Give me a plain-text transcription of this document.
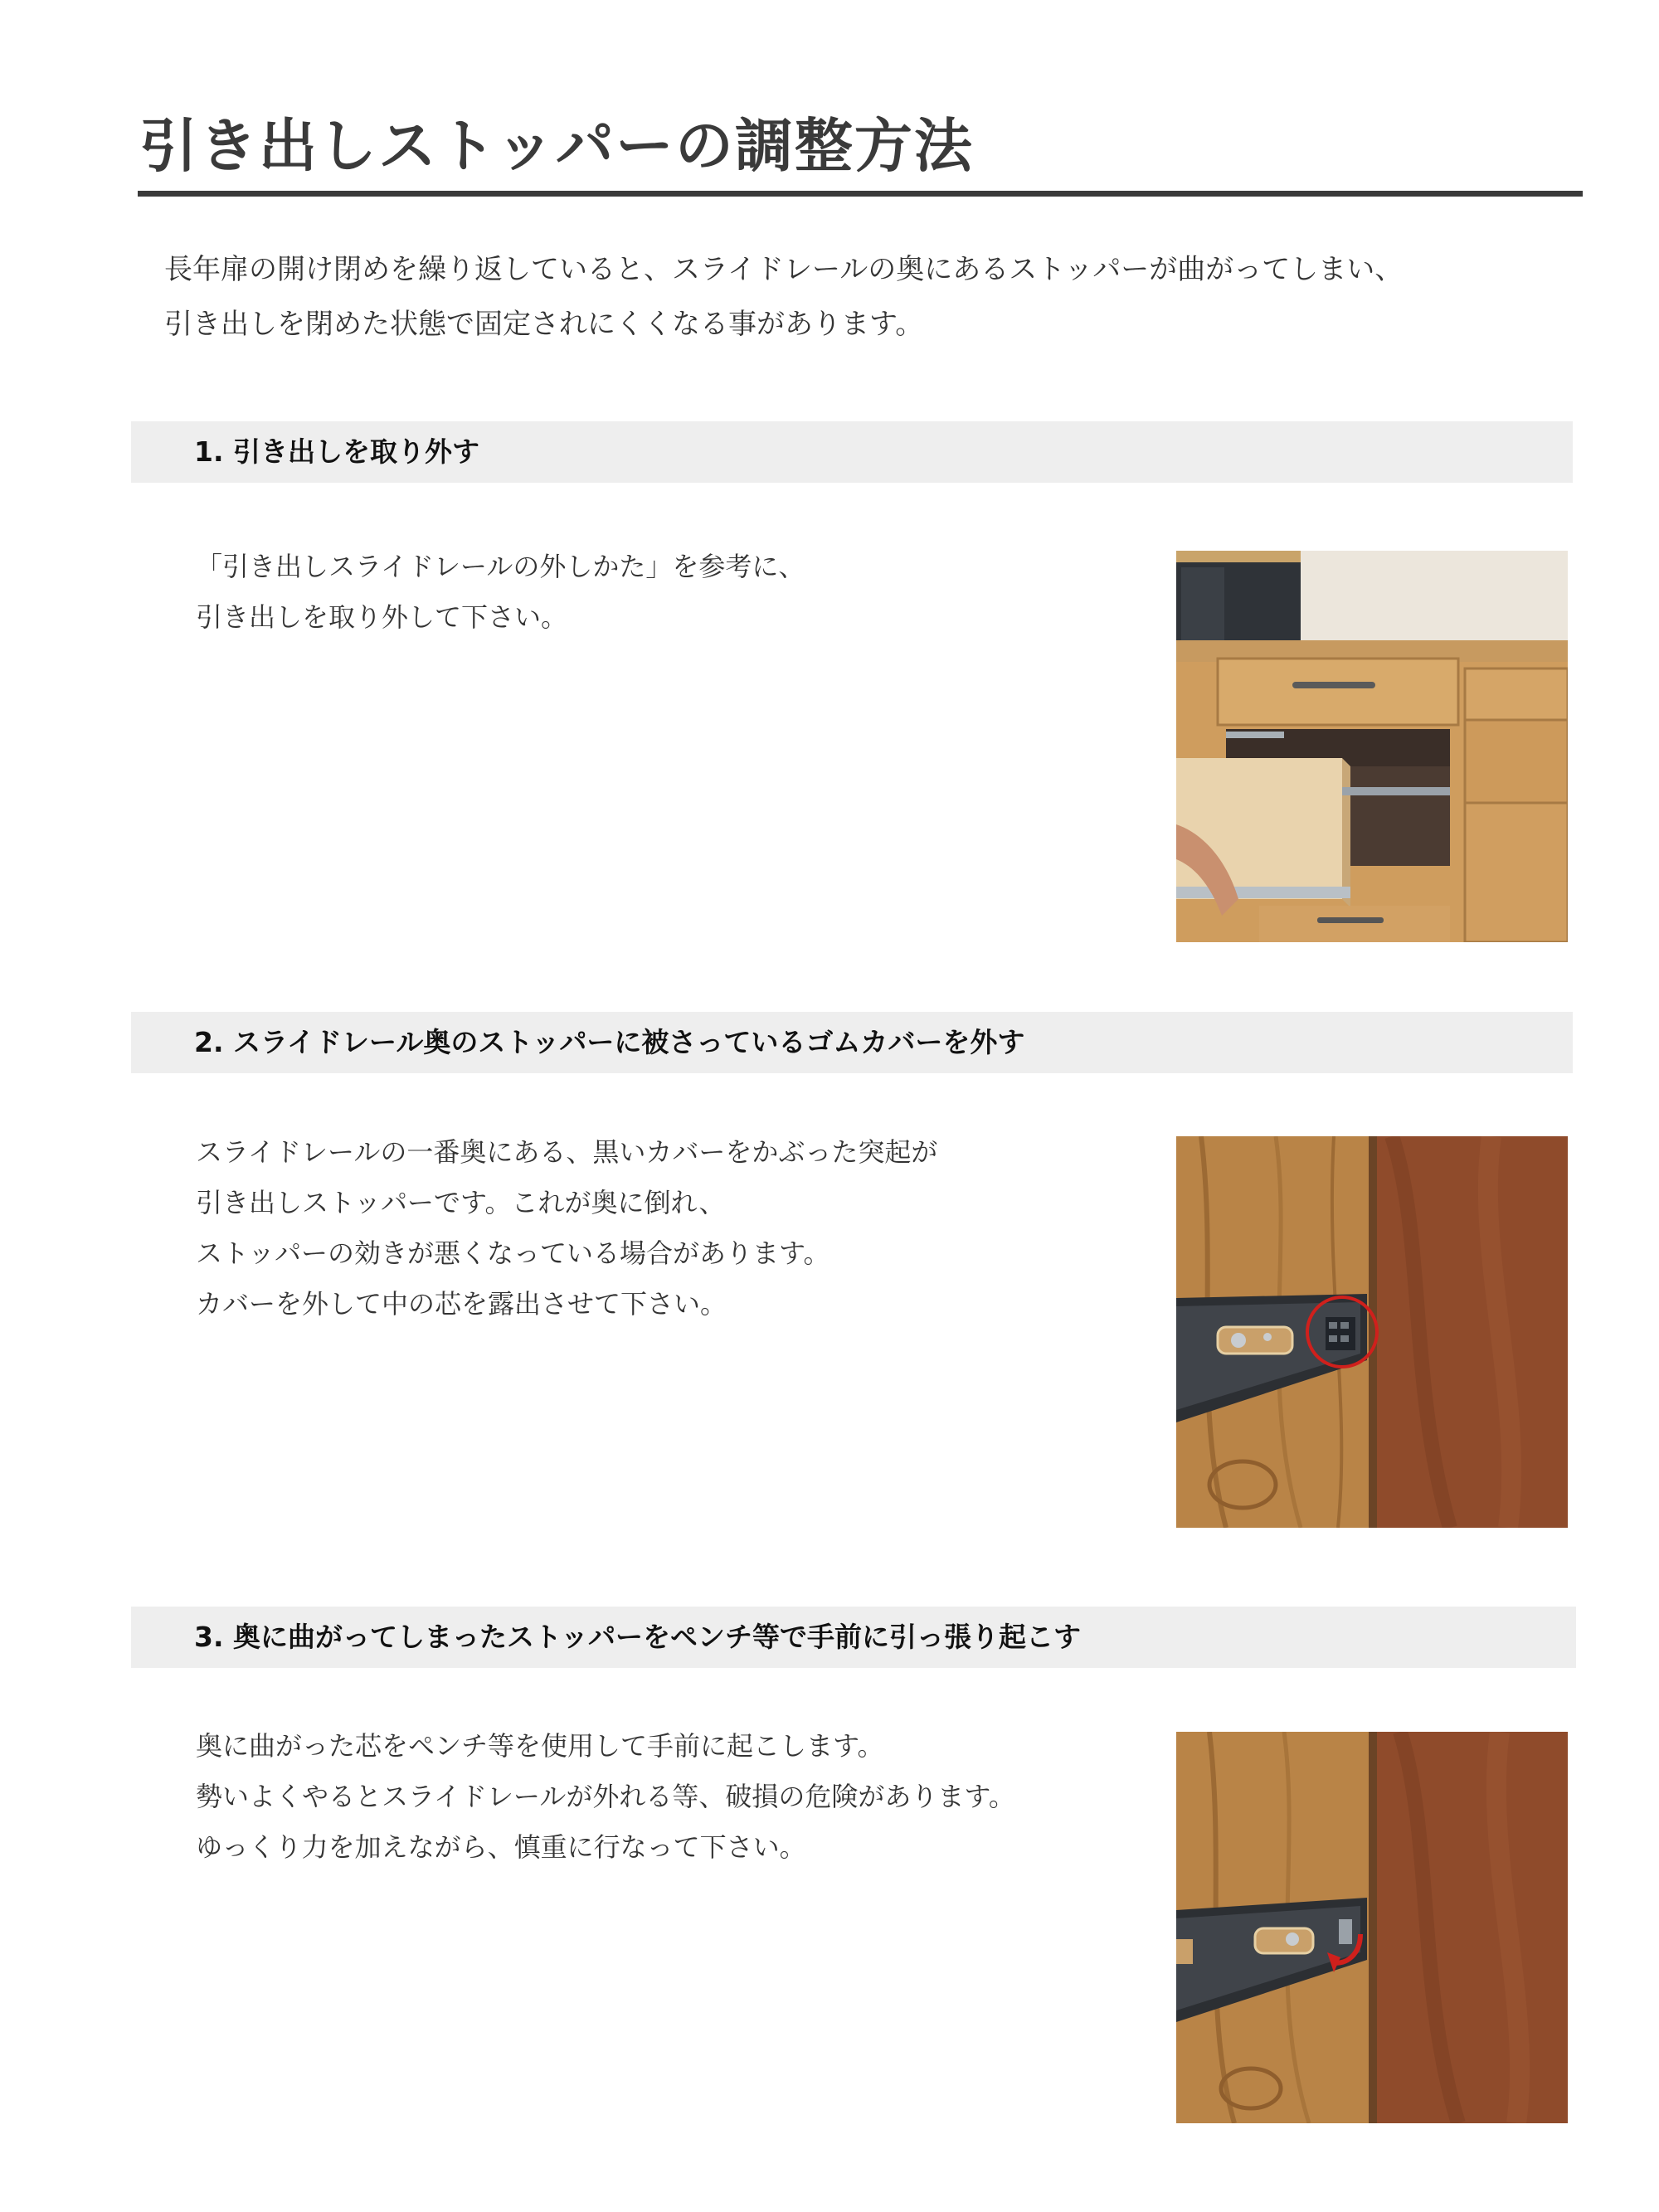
引き出しストッパーの調整方法

長年扉の開け閉めを繰り返していると、スライドレールの奥にあるストッパーが曲がってしまい、

引き出しを閉めた状態で固定されにくくなる事があります。

1. 引き出しを取り外す

「引き出しスライドレールの外しかた」を参考に、

引き出しを取り外して下さい。

2. スライドレール奥のストッパーに被さっているゴムカバーを外す

スライドレールの一番奥にある、黒いカバーをかぶった突起が

引き出しストッパーです。これが奥に倒れ、

ストッパーの効きが悪くなっている場合があります。

カバーを外して中の芯を露出させて下さい。

3. 奥に曲がってしまったストッパーをペンチ等で手前に引っ張り起こす

奥に曲がった芯をペンチ等を使用して手前に起こします。

勢いよくやるとスライドレールが外れる等、破損の危険があります。

ゆっくり力を加えながら、慎重に行なって下さい。
